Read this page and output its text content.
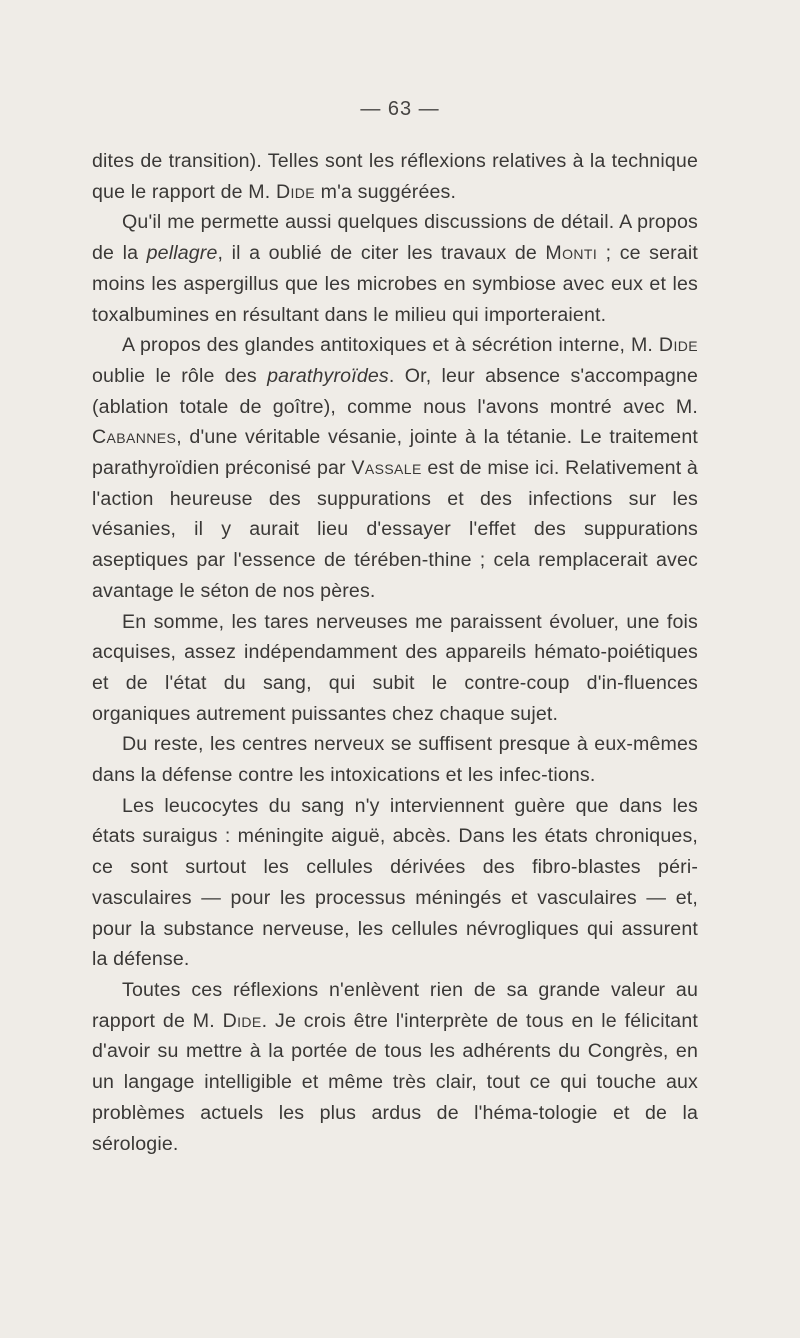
— 63 —

dites de transition). Telles sont les réflexions relatives à la technique que le rapport de M. Dide m'a suggérées.

Qu'il me permette aussi quelques discussions de détail. A propos de la pellagre, il a oublié de citer les travaux de Monti ; ce serait moins les aspergillus que les microbes en symbiose avec eux et les toxalbumines en résultant dans le milieu qui importeraient.

A propos des glandes antitoxiques et à sécrétion interne, M. Dide oublie le rôle des parathyroïdes. Or, leur absence s'accompagne (ablation totale de goître), comme nous l'avons montré avec M. Cabannes, d'une véritable vésanie, jointe à la tétanie. Le traitement parathyroïdien préconisé par Vassale est de mise ici. Relativement à l'action heureuse des suppurations et des infections sur les vésanies, il y aurait lieu d'essayer l'effet des suppurations aseptiques par l'essence de térében-thine ; cela remplacerait avec avantage le séton de nos pères.

En somme, les tares nerveuses me paraissent évoluer, une fois acquises, assez indépendamment des appareils hémato-poiétiques et de l'état du sang, qui subit le contre-coup d'in-fluences organiques autrement puissantes chez chaque sujet.

Du reste, les centres nerveux se suffisent presque à eux-mêmes dans la défense contre les intoxications et les infec-tions.

Les leucocytes du sang n'y interviennent guère que dans les états suraigus : méningite aiguë, abcès. Dans les états chroniques, ce sont surtout les cellules dérivées des fibro-blastes péri-vasculaires — pour les processus méningés et vasculaires — et, pour la substance nerveuse, les cellules névrogliques qui assurent la défense.

Toutes ces réflexions n'enlèvent rien de sa grande valeur au rapport de M. Dide. Je crois être l'interprète de tous en le félicitant d'avoir su mettre à la portée de tous les adhérents du Congrès, en un langage intelligible et même très clair, tout ce qui touche aux problèmes actuels les plus ardus de l'héma-tologie et de la sérologie.
